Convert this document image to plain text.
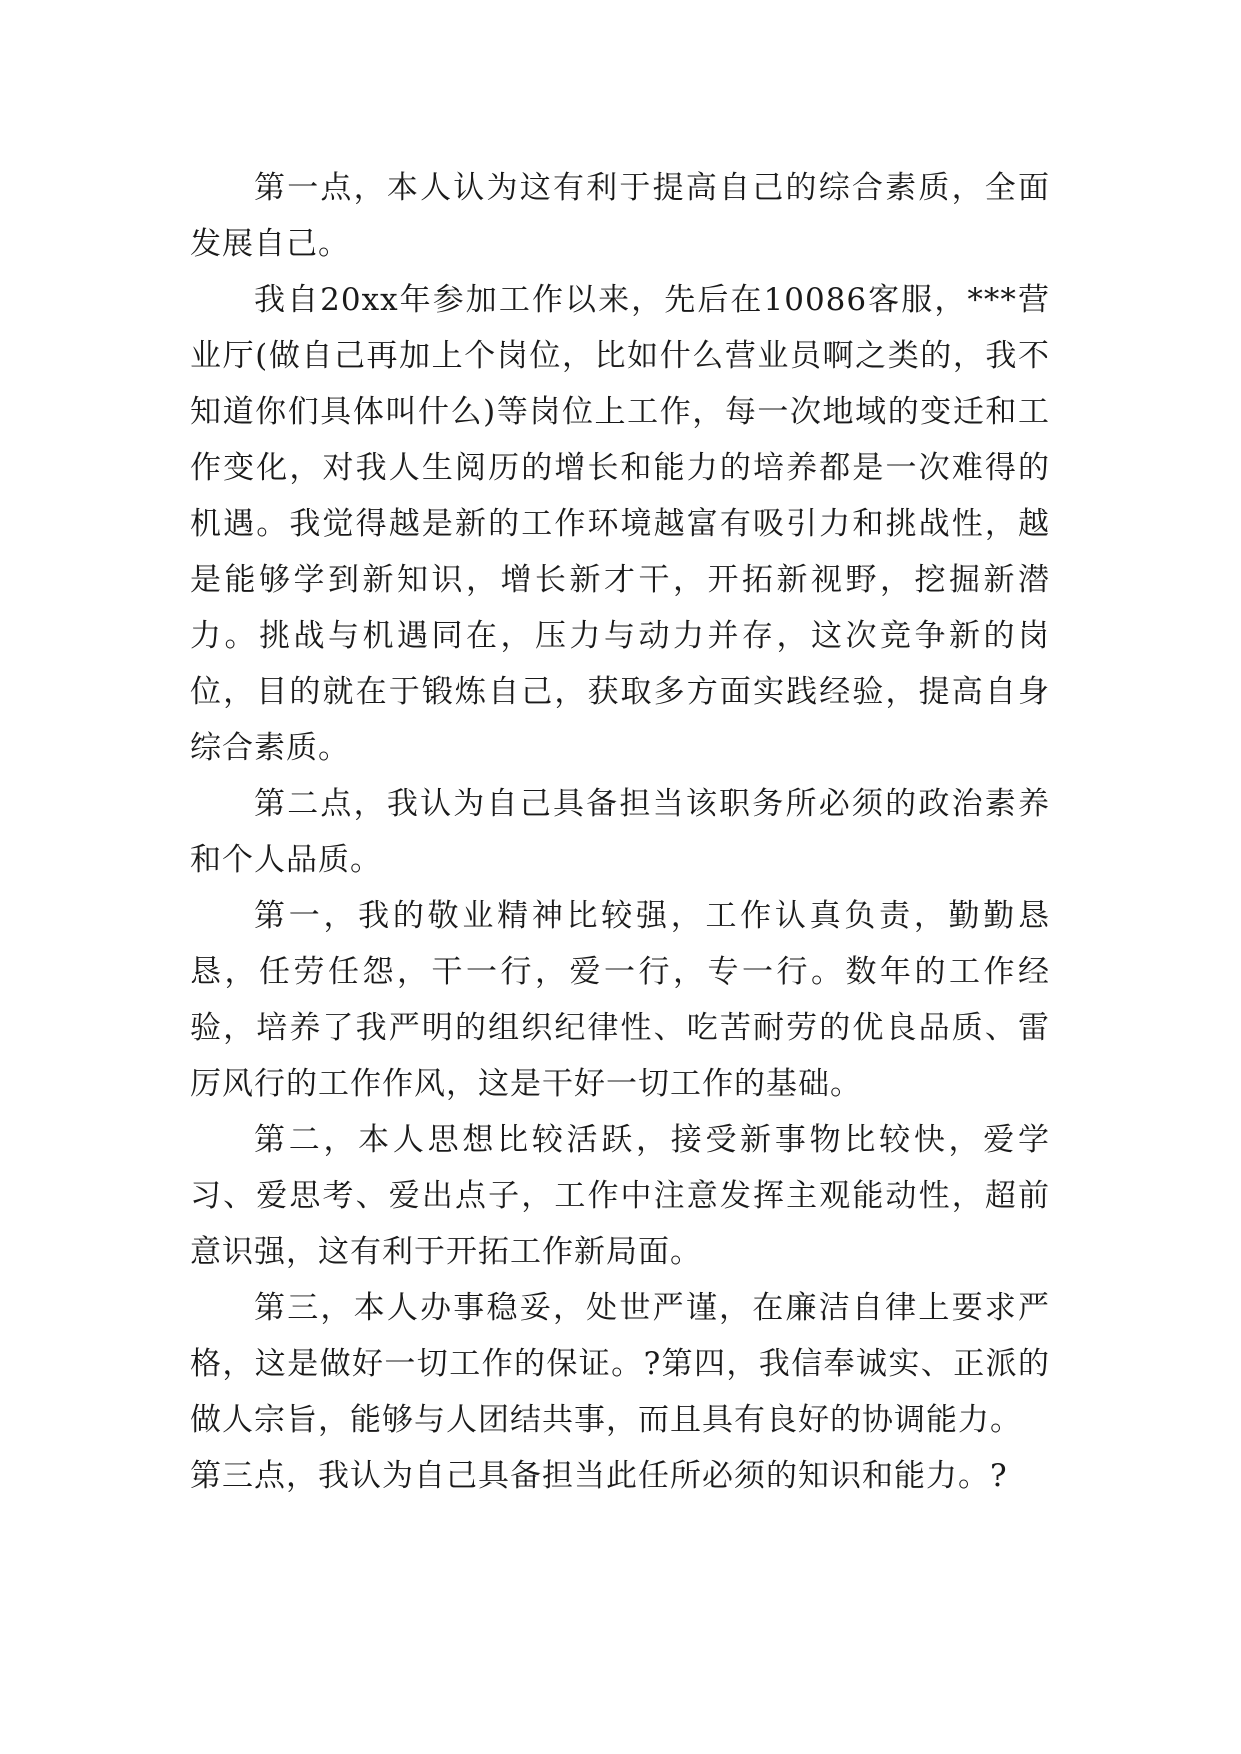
第一点，本人认为这有利于提高自己的综合素质，全面发展自己。

我自20xx年参加工作以来，先后在10086客服，***营业厅(做自己再加上个岗位，比如什么营业员啊之类的，我不知道你们具体叫什么)等岗位上工作，每一次地域的变迁和工作变化，对我人生阅历的增长和能力的培养都是一次难得的机遇。我觉得越是新的工作环境越富有吸引力和挑战性，越是能够学到新知识，增长新才干，开拓新视野，挖掘新潜力。挑战与机遇同在，压力与动力并存，这次竞争新的岗位，目的就在于锻炼自己，获取多方面实践经验，提高自身综合素质。

第二点，我认为自己具备担当该职务所必须的政治素养和个人品质。

第一，我的敬业精神比较强，工作认真负责，勤勤恳恳，任劳任怨，干一行，爱一行，专一行。数年的工作经验，培养了我严明的组织纪律性、吃苦耐劳的优良品质、雷厉风行的工作作风，这是干好一切工作的基础。

第二，本人思想比较活跃，接受新事物比较快，爱学习、爱思考、爱出点子，工作中注意发挥主观能动性，超前意识强，这有利于开拓工作新局面。

第三，本人办事稳妥，处世严谨，在廉洁自律上要求严格，这是做好一切工作的保证。?第四，我信奉诚实、正派的做人宗旨，能够与人团结共事，而且具有良好的协调能力。

第三点，我认为自己具备担当此任所必须的知识和能力。?
